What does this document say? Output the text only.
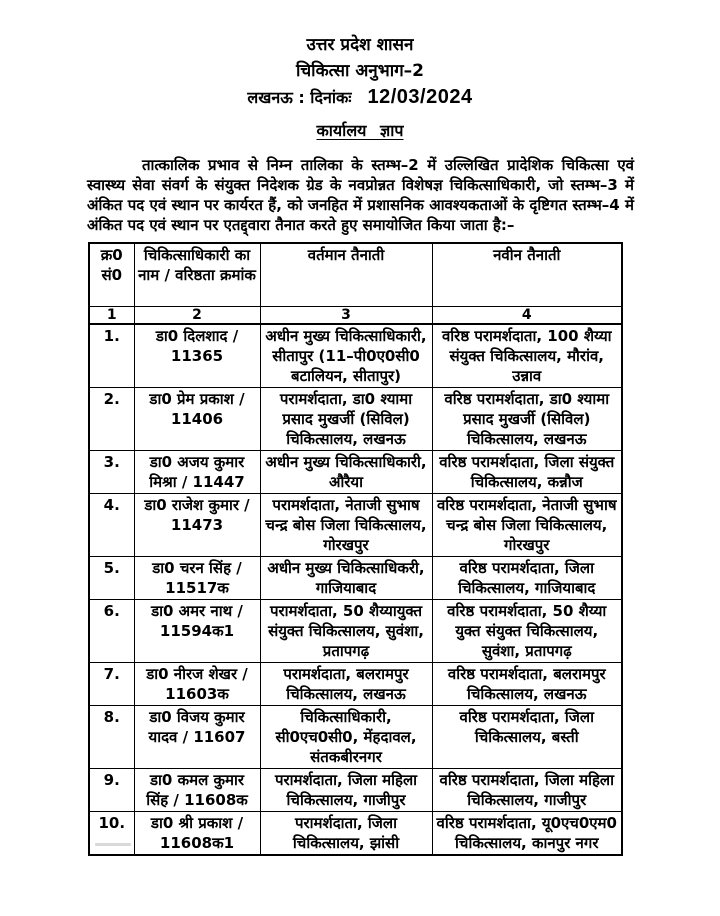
उत्तर प्रदेश शासन
चिकित्सा अनुभाग–2
लखनऊ : दिनांकः 12/03/2024
कार्यालय ज्ञाप

तात्कालिक प्रभाव से निम्न तालिका के स्तम्भ–2 में उल्लिखित प्रादेशिक चिकित्सा एवं स्वास्थ्य सेवा संवर्ग के संयुक्त निदेशक ग्रेड के नवप्रोन्नत विशेषज्ञ चिकित्साधिकारी, जो स्तम्भ–3 में अंकित पद एवं स्थान पर कार्यरत हैं, को जनहित में प्रशासनिक आवश्यकताओं के दृष्टिगत स्तम्भ–4 में अंकित पद एवं स्थान पर एतद्द्वारा तैनात करते हुए समायोजित किया जाता है:–

क्र0 सं0	चिकित्साधिकारी का नाम / वरिष्ठता क्रमांक	वर्तमान तैनाती	नवीन तैनाती
1	2	3	4
1.	डा0 दिलशाद / 11365	अधीन मुख्य चिकित्साधिकारी, सीतापुर (11–पी0ए0सी0 बटालियन, सीतापुर)	वरिष्ठ परामर्शदाता, 100 शैय्या संयुक्त चिकित्सालय, मौरांव, उन्नाव
2.	डा0 प्रेम प्रकाश / 11406	परामर्शदाता, डा0 श्यामा प्रसाद मुखर्जी (सिविल) चिकित्सालय, लखनऊ	वरिष्ठ परामर्शदाता, डा0 श्यामा प्रसाद मुखर्जी (सिविल) चिकित्सालय, लखनऊ
3.	डा0 अजय कुमार मिश्रा / 11447	अधीन मुख्य चिकित्साधिकारी, औरैया	वरिष्ठ परामर्शदाता, जिला संयुक्त चिकित्सालय, कन्नौज
4.	डा0 राजेश कुमार / 11473	परामर्शदाता, नेताजी सुभाष चन्द्र बोस जिला चिकित्सालय, गोरखपुर	वरिष्ठ परामर्शदाता, नेताजी सुभाष चन्द्र बोस जिला चिकित्सालय, गोरखपुर
5.	डा0 चरन सिंह / 11517क	अधीन मुख्य चिकित्साधिकरी, गाजियाबाद	वरिष्ठ परामर्शदाता, जिला चिकित्सालय, गाजियाबाद
6.	डा0 अमर नाथ / 11594क1	परामर्शदाता, 50 शैय्यायुक्त संयुक्त चिकित्सालय, सुवंशा, प्रतापगढ़	वरिष्ठ परामर्शदाता, 50 शैय्या युक्त संयुक्त चिकित्सालय, सुवंशा, प्रतापगढ़
7.	डा0 नीरज शेखर / 11603क	परामर्शदाता, बलरामपुर चिकित्सालय, लखनऊ	वरिष्ठ परामर्शदाता, बलरामपुर चिकित्सालय, लखनऊ
8.	डा0 विजय कुमार यादव / 11607	चिकित्साधिकारी, सी0एच0सी0, मेंहदावल, संतकबीरनगर	वरिष्ठ परामर्शदाता, जिला चिकित्सालय, बस्ती
9.	डा0 कमल कुमार सिंह / 11608क	परामर्शदाता, जिला महिला चिकित्सालय, गाजीपुर	वरिष्ठ परामर्शदाता, जिला महिला चिकित्सालय, गाजीपुर
10.	डा0 श्री प्रकाश / 11608क1	परामर्शदाता, जिला चिकित्सालय, झांसी	वरिष्ठ परामर्शदाता, यू0एच0एम0 चिकित्सालय, कानपुर नगर
